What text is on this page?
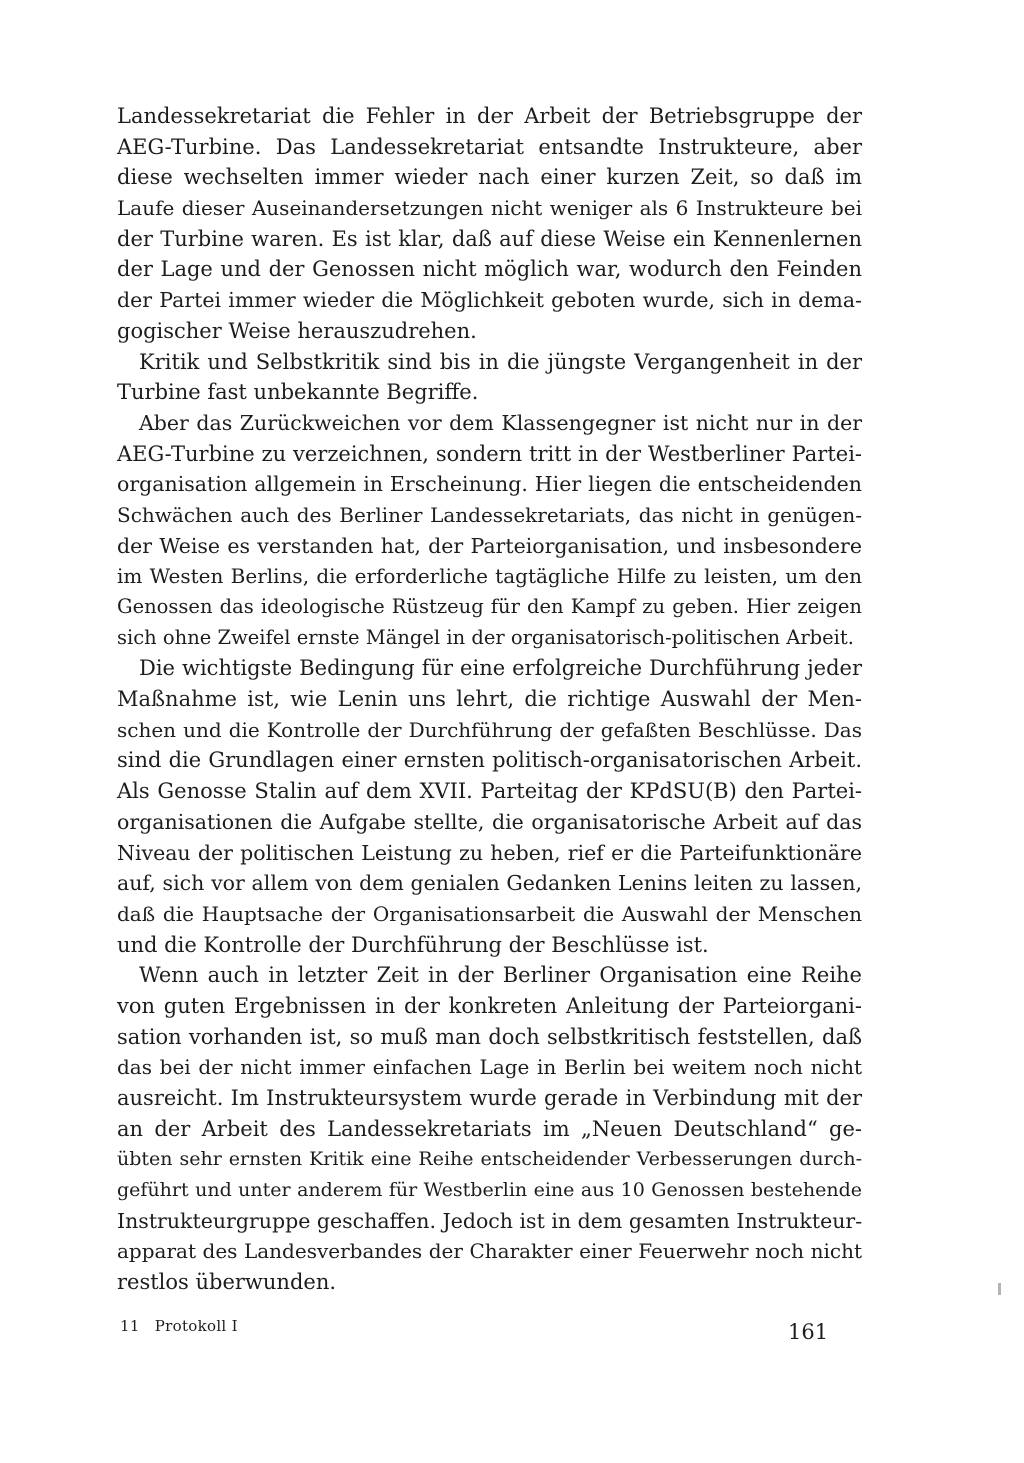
Landessekretariat die Fehler in der Arbeit der Betriebsgruppe der
AEG-Turbine. Das Landessekretariat entsandte Instrukteure, aber
diese wechselten immer wieder nach einer kurzen Zeit, so daß im
Laufe dieser Auseinandersetzungen nicht weniger als 6 Instrukteure bei
der Turbine waren. Es ist klar, daß auf diese Weise ein Kennenlernen
der Lage und der Genossen nicht möglich war, wodurch den Feinden
der Partei immer wieder die Möglichkeit geboten wurde, sich in dema-
gogischer Weise herauszudrehen.
Kritik und Selbstkritik sind bis in die jüngste Vergangenheit in der
Turbine fast unbekannte Begriffe.
Aber das Zurückweichen vor dem Klassengegner ist nicht nur in der
AEG-Turbine zu verzeichnen, sondern tritt in der Westberliner Partei-
organisation allgemein in Erscheinung. Hier liegen die entscheidenden
Schwächen auch des Berliner Landessekretariats, das nicht in genügen-
der Weise es verstanden hat, der Parteiorganisation, und insbesondere
im Westen Berlins, die erforderliche tagtägliche Hilfe zu leisten, um den
Genossen das ideologische Rüstzeug für den Kampf zu geben. Hier zeigen
sich ohne Zweifel ernste Mängel in der organisatorisch-politischen Arbeit.
Die wichtigste Bedingung für eine erfolgreiche Durchführung jeder
Maßnahme ist, wie Lenin uns lehrt, die richtige Auswahl der Men-
schen und die Kontrolle der Durchführung der gefaßten Beschlüsse. Das
sind die Grundlagen einer ernsten politisch-organisatorischen Arbeit.
Als Genosse Stalin auf dem XVII. Parteitag der KPdSU(B) den Partei-
organisationen die Aufgabe stellte, die organisatorische Arbeit auf das
Niveau der politischen Leistung zu heben, rief er die Parteifunktionäre
auf, sich vor allem von dem genialen Gedanken Lenins leiten zu lassen,
daß die Hauptsache der Organisationsarbeit die Auswahl der Menschen
und die Kontrolle der Durchführung der Beschlüsse ist.
Wenn auch in letzter Zeit in der Berliner Organisation eine Reihe
von guten Ergebnissen in der konkreten Anleitung der Parteiorgani-
sation vorhanden ist, so muß man doch selbstkritisch feststellen, daß
das bei der nicht immer einfachen Lage in Berlin bei weitem noch nicht
ausreicht. Im Instrukteursystem wurde gerade in Verbindung mit der
an der Arbeit des Landessekretariats im „Neuen Deutschland“ ge-
übten sehr ernsten Kritik eine Reihe entscheidender Verbesserungen durch-
geführt und unter anderem für Westberlin eine aus 10 Genossen bestehende
Instrukteurgruppe geschaffen. Jedoch ist in dem gesamten Instrukteur-
apparat des Landesverbandes der Charakter einer Feuerwehr noch nicht
restlos überwunden.
11 Protokoll I	161
